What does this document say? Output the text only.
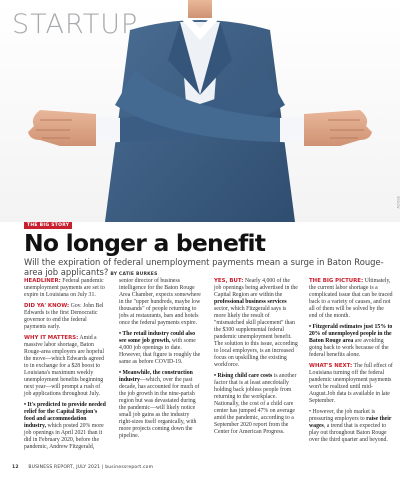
STARTUP
ADOBE
THE BIG STORY
No longer a benefit

Will the expiration of federal unemployment payments mean a surge in Baton Rouge-area job applicants? BY CATIE BURKES

HEADLINER: Federal pandemic unemployment payments are set to expire in Louisiana on July 31.

DID YA' KNOW: Gov. John Bel Edwards is the first Democratic governor to end the federal payments early.

WHY IT MATTERS: Amid a massive labor shortage, Baton Rouge-area employers are hopeful the move—which Edwards agreed to in exchange for a $28 boost to Louisiana's maximum weekly unemployment benefits beginning next year—will prompt a rush of job applications throughout July.

• It's predicted to provide needed relief for the Capital Region's food and accommodation industry, which posted 20% more job openings in April 2021 than it did in February 2020, before the pandemic, Andrew Fitzgerald,

senior director of business intelligence for the Baton Rouge Area Chamber, expects somewhere in the "upper hundreds, maybe low thousands" of people returning to jobs at restaurants, bars and hotels once the federal payments expire.

• The retail industry could also see some job growth, with some 4,000 job openings to date. However, that figure is roughly the same as before COVID-19.

• Meanwhile, the construction industry—which, over the past decade, has accounted for much of the job growth in the nine-parish region but was devastated during the pandemic—will likely notice small job gains as the industry right-sizes itself organically, with more projects coming down the pipeline.

YES, BUT: Nearly 4,000 of the job openings being advertised in the Capital Region are within the professional business services sector, which Fitzgerald says is more likely the result of "mismatched skill placement" than the $300 supplemental federal pandemic unemployment benefit. The solution to this issue, according to local employers, is an increased focus on upskilling the existing workforce.

• Rising child care costs is another factor that is at least anecdotally holding back jobless people from returning to the workplace. Nationally, the cost of a child care center has jumped 47% on average amid the pandemic, according to a September 2020 report from the Center for American Progress.

THE BIG PICTURE: Ultimately, the current labor shortage is a complicated issue that can be traced back to a variety of causes, and not all of them will be solved by the end of the month.

• Fitzgerald estimates just 15% to 20% of unemployed people in the Baton Rouge area are avoiding going back to work because of the federal benefits alone.

WHAT'S NEXT: The full effect of Louisiana turning off the federal pandemic unemployment payments won't be realized until mid-August.Job data is available in late September.

• However, the job market is pressuring employers to raise their wages, a trend that is expected to play out throughout Baton Rouge over the third quarter and beyond.

12 BUSINESS REPORT, JULY 2021 | businessreport.com
